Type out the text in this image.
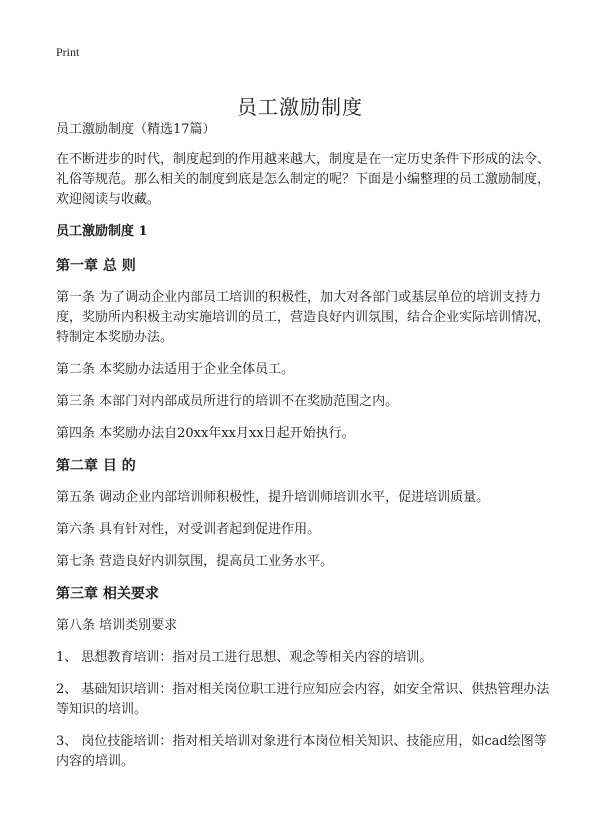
Print
员工激励制度

员工激励制度（精选17篇）

在不断进步的时代，制度起到的作用越来越大，制度是在一定历史条件下形成的法令、礼俗等规范。那么相关的制度到底是怎么制定的呢？下面是小编整理的员工激励制度，欢迎阅读与收藏。

员工激励制度 1

第一章 总 则

第一条 为了调动企业内部员工培训的积极性，加大对各部门或基层单位的培训支持力度，奖励所内积极主动实施培训的员工，营造良好内训氛围，结合企业实际培训情况，特制定本奖励办法。

第二条 本奖励办法适用于企业全体员工。

第三条 本部门对内部成员所进行的培训不在奖励范围之内。

第四条 本奖励办法自20xx年xx月xx日起开始执行。

第二章 目 的

第五条 调动企业内部培训师积极性，提升培训师培训水平，促进培训质量。

第六条 具有针对性，对受训者起到促进作用。

第七条 营造良好内训氛围，提高员工业务水平。

第三章 相关要求

第八条 培训类别要求

1、 思想教育培训：指对员工进行思想、观念等相关内容的培训。

2、 基础知识培训：指对相关岗位职工进行应知应会内容，如安全常识、供热管理办法等知识的培训。

3、 岗位技能培训：指对相关培训对象进行本岗位相关知识、技能应用，如cad绘图等内容的培训。
